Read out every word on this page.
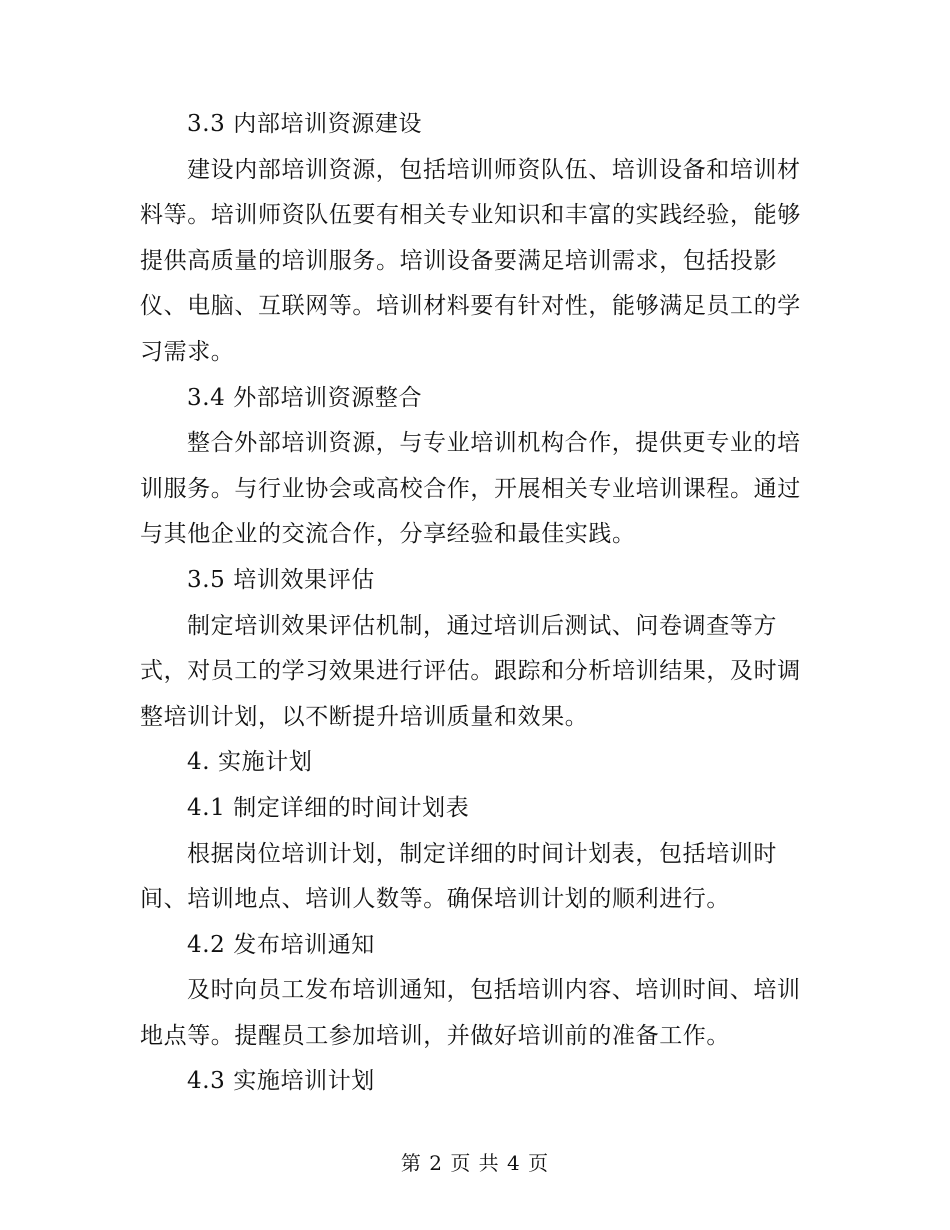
3.3 内部培训资源建设
建设内部培训资源，包括培训师资队伍、培训设备和培训材
料等。培训师资队伍要有相关专业知识和丰富的实践经验，能够
提供高质量的培训服务。培训设备要满足培训需求，包括投影
仪、电脑、互联网等。培训材料要有针对性，能够满足员工的学
习需求。
3.4 外部培训资源整合
整合外部培训资源，与专业培训机构合作，提供更专业的培
训服务。与行业协会或高校合作，开展相关专业培训课程。通过
与其他企业的交流合作，分享经验和最佳实践。
3.5 培训效果评估
制定培训效果评估机制，通过培训后测试、问卷调查等方
式，对员工的学习效果进行评估。跟踪和分析培训结果，及时调
整培训计划，以不断提升培训质量和效果。
4. 实施计划
4.1 制定详细的时间计划表
根据岗位培训计划，制定详细的时间计划表，包括培训时
间、培训地点、培训人数等。确保培训计划的顺利进行。
4.2 发布培训通知
及时向员工发布培训通知，包括培训内容、培训时间、培训
地点等。提醒员工参加培训，并做好培训前的准备工作。
4.3 实施培训计划
第 2 页 共 4 页
